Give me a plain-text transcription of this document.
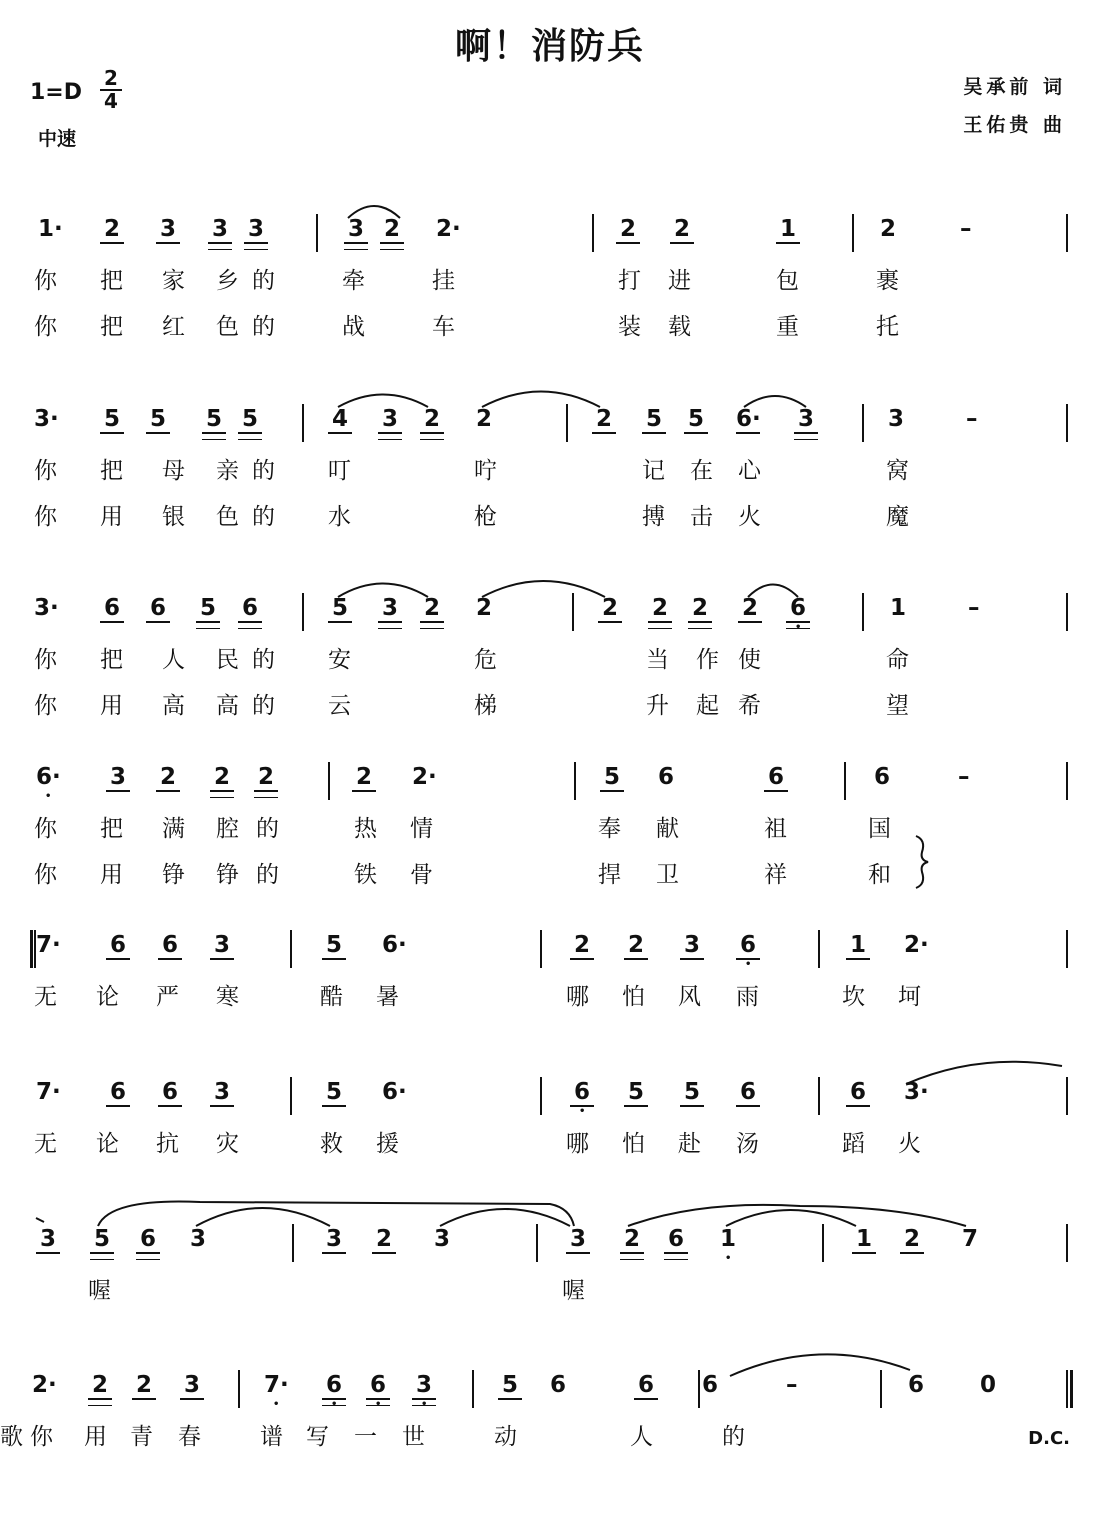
啊！消防兵
1=D
2
4
中速
吴承前 词
王佑贵 曲
1· 2 3 3 3	3 2 2·	2 2	1	2	–
你 把 家 乡 的	牵	挂	打 进	包	裹
你 把 红 色 的	战	车	装 载	重	托
3· 5 5 5 5	4 3 2 2	2 5 5 6· 3	3	–
你 把 母 亲 的 叮	咛	记 在 心	窝
你 用 银 色 的 水	枪	搏 击 火	魔
3· 6 6 5 6	5 3 2 2	2 2 2 2 6 •	1	–
你 把 人 民 的 安	危	当 作 使	命
你 用 高 高 的 云	梯	升 起 希	望
6· • 3 2 2 2	2 2·	5 6	6	6	–
你 把 满 腔 的	热 情	奉 献	祖	国
你 用 铮 铮 的	铁 骨	捍 卫	祥	和
7· 6 6 3	5 6·	2 2 3 6 •	1 2·
无 论 严 寒	酷 暑	哪 怕 风 雨	坎 坷
7· 6 6 3	5 6·	6 • 5 5 6	6 3·
无 论 抗 灾	救 援	哪 怕 赴 汤	蹈 火
3 5 6 3	3 2 3	3 2 6 1 •	1 2 7
喔	喔
2· 2 2 3	7· • 6 • 6 • 3 •	5 6	6 6	–	6 0
你 用 青 春	谱 写 一 世	动	人	的
歌	D.C.
